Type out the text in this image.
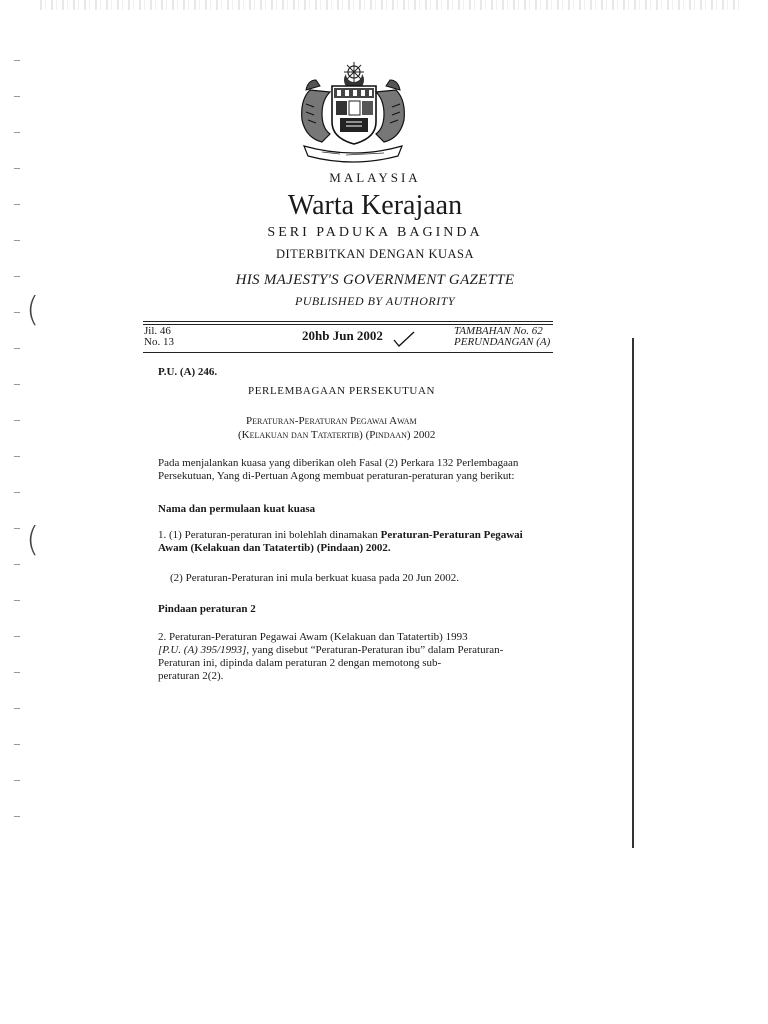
(
(
MALAYSIA
Warta Kerajaan
SERI PADUKA BAGINDA
DITERBITKAN DENGAN KUASA
HIS MAJESTY'S GOVERNMENT GAZETTE
PUBLISHED BY AUTHORITY
Jil. 46
No. 13	20hb Jun 2002	TAMBAHAN No. 62
PERUNDANGAN (A)
P.U. (A) 246.
PERLEMBAGAAN PERSEKUTUAN
Peraturan-Peraturan Pegawai Awam
(Kelakuan dan Tatatertib) (Pindaan) 2002
Pada menjalankan kuasa yang diberikan oleh Fasal (2) Perkara 132 Perlembagaan
Persekutuan, Yang di-Pertuan Agong membuat peraturan-peraturan yang berikut:
Nama dan permulaan kuat kuasa
1. (1) Peraturan-peraturan ini bolehlah dinamakan Peraturan-Peraturan Pegawai
Awam (Kelakuan dan Tatatertib) (Pindaan) 2002.
(2) Peraturan-Peraturan ini mula berkuat kuasa pada 20 Jun 2002.
Pindaan peraturan 2
2. Peraturan-Peraturan Pegawai Awam (Kelakuan dan Tatatertib) 1993
[P.U. (A) 395/1993], yang disebut “Peraturan-Peraturan ibu” dalam Peraturan-
Peraturan ini, dipinda dalam peraturan 2 dengan memotong sub-
peraturan 2(2).
